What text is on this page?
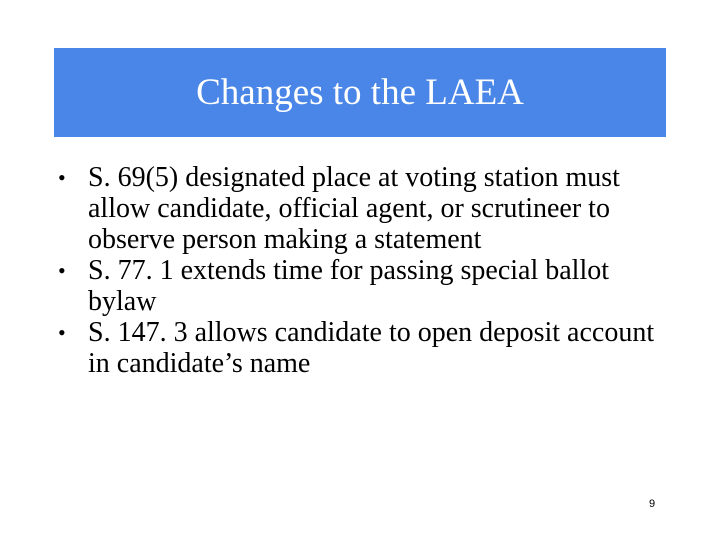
Changes to the LAEA
• S. 69(5) designated place at voting station must allow candidate, official agent, or scrutineer to observe person making a statement
• S. 77. 1 extends time for passing special ballot bylaw
• S. 147. 3 allows candidate to open deposit account in candidate’s name
9
